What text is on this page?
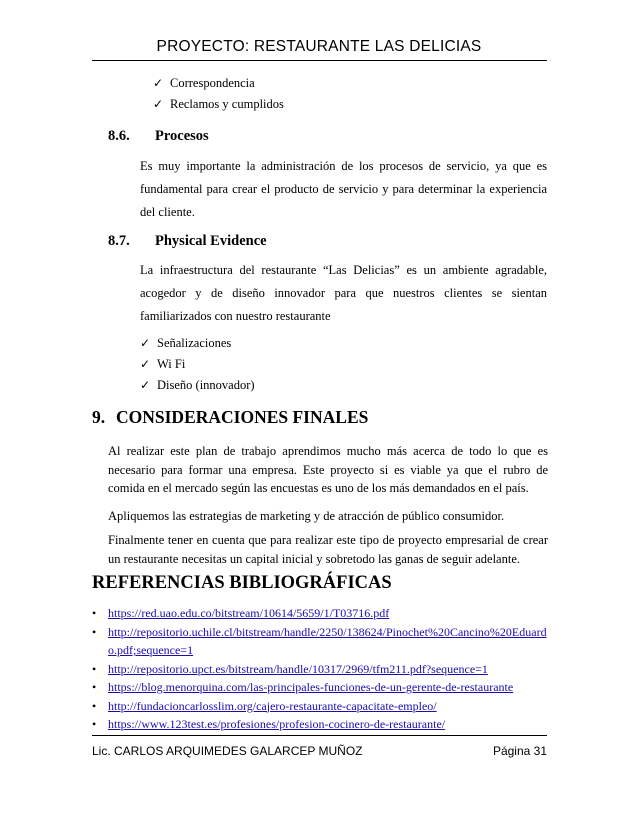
PROYECTO: RESTAURANTE LAS DELICIAS
✓ Correspondencia
✓ Reclamos y cumplidos
8.6. Procesos

Es muy importante la administración de los procesos de servicio, ya que es fundamental para crear el producto de servicio y para determinar la experiencia del cliente.

8.7. Physical Evidence

La infraestructura del restaurante “Las Delicias” es un ambiente agradable, acogedor y de diseño innovador para que nuestros clientes se sientan familiarizados con nuestro restaurante

✓ Señalizaciones
✓ Wi Fi
✓ Diseño (innovador)
9. CONSIDERACIONES FINALES

Al realizar este plan de trabajo aprendimos mucho más acerca de todo lo que es necesario para formar una empresa. Este proyecto si es viable ya que el rubro de comida en el mercado según las encuestas es uno de los más demandados en el país.

Apliquemos las estrategias de marketing y de atracción de público consumidor.

Finalmente tener en cuenta que para realizar este tipo de proyecto empresarial de crear un restaurante necesitas un capital inicial y sobretodo las ganas de seguir adelante.

REFERENCIAS BIBLIOGRÁFICAS
• https://red.uao.edu.co/bitstream/10614/5659/1/T03716.pdf
• http://repositorio.uchile.cl/bitstream/handle/2250/138624/Pinochet%20Cancino%20Eduardo.pdf;sequence=1
• http://repositorio.upct.es/bitstream/handle/10317/2969/tfm211.pdf?sequence=1
• https://blog.menorquina.com/las-principales-funciones-de-un-gerente-de-restaurante
• http://fundacioncarlosslim.org/cajero-restaurante-capacitate-empleo/
• https://www.123test.es/profesiones/profesion-cocinero-de-restaurante/
Lic. CARLOS ARQUIMEDES GALARCEP MUÑOZ	Página 31
